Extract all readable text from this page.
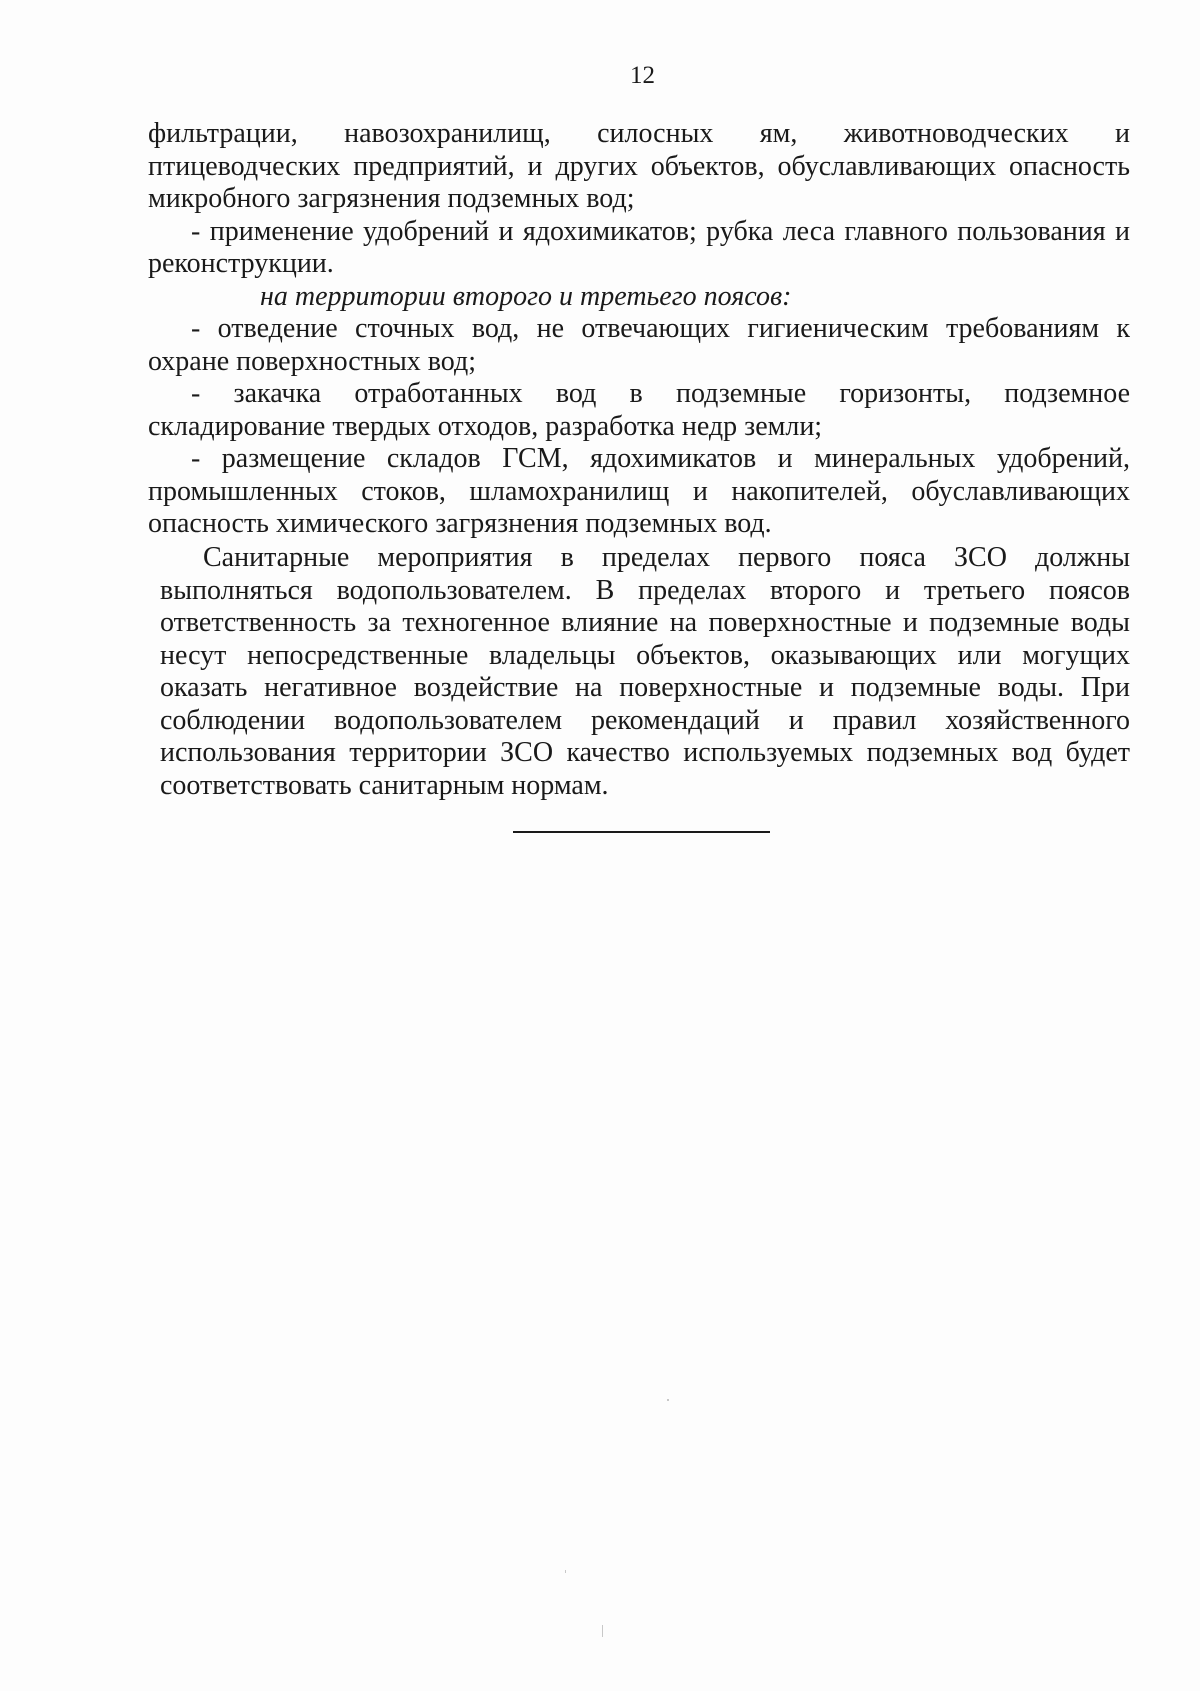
12

фильтрации, навозохранилищ, силосных ям, животноводческих и птицеводческих предприятий, и других объектов, обуславливающих опасность микробного загрязнения подземных вод;

- применение удобрений и ядохимикатов; рубка леса главного пользования и реконструкции.

на территории второго и третьего поясов:

- отведение сточных вод, не отвечающих гигиеническим требованиям к охране поверхностных вод;

- закачка отработанных вод в подземные горизонты, подземное складирование твердых отходов, разработка недр земли;

- размещение складов ГСМ, ядохимикатов и минеральных удобрений, промышленных стоков, шламохранилищ и накопителей, обуславливающих опасность химического загрязнения подземных вод.

Санитарные мероприятия в пределах первого пояса ЗСО должны выполняться водопользователем. В пределах второго и третьего поясов ответственность за техногенное влияние на поверхностные и подземные воды несут непосредственные владельцы объектов, оказывающих или могущих оказать негативное воздействие на поверхностные и подземные воды. При соблюдении водопользователем рекомендаций и правил хозяйственного использования территории ЗСО качество используемых подземных вод будет соответствовать санитарным нормам.
